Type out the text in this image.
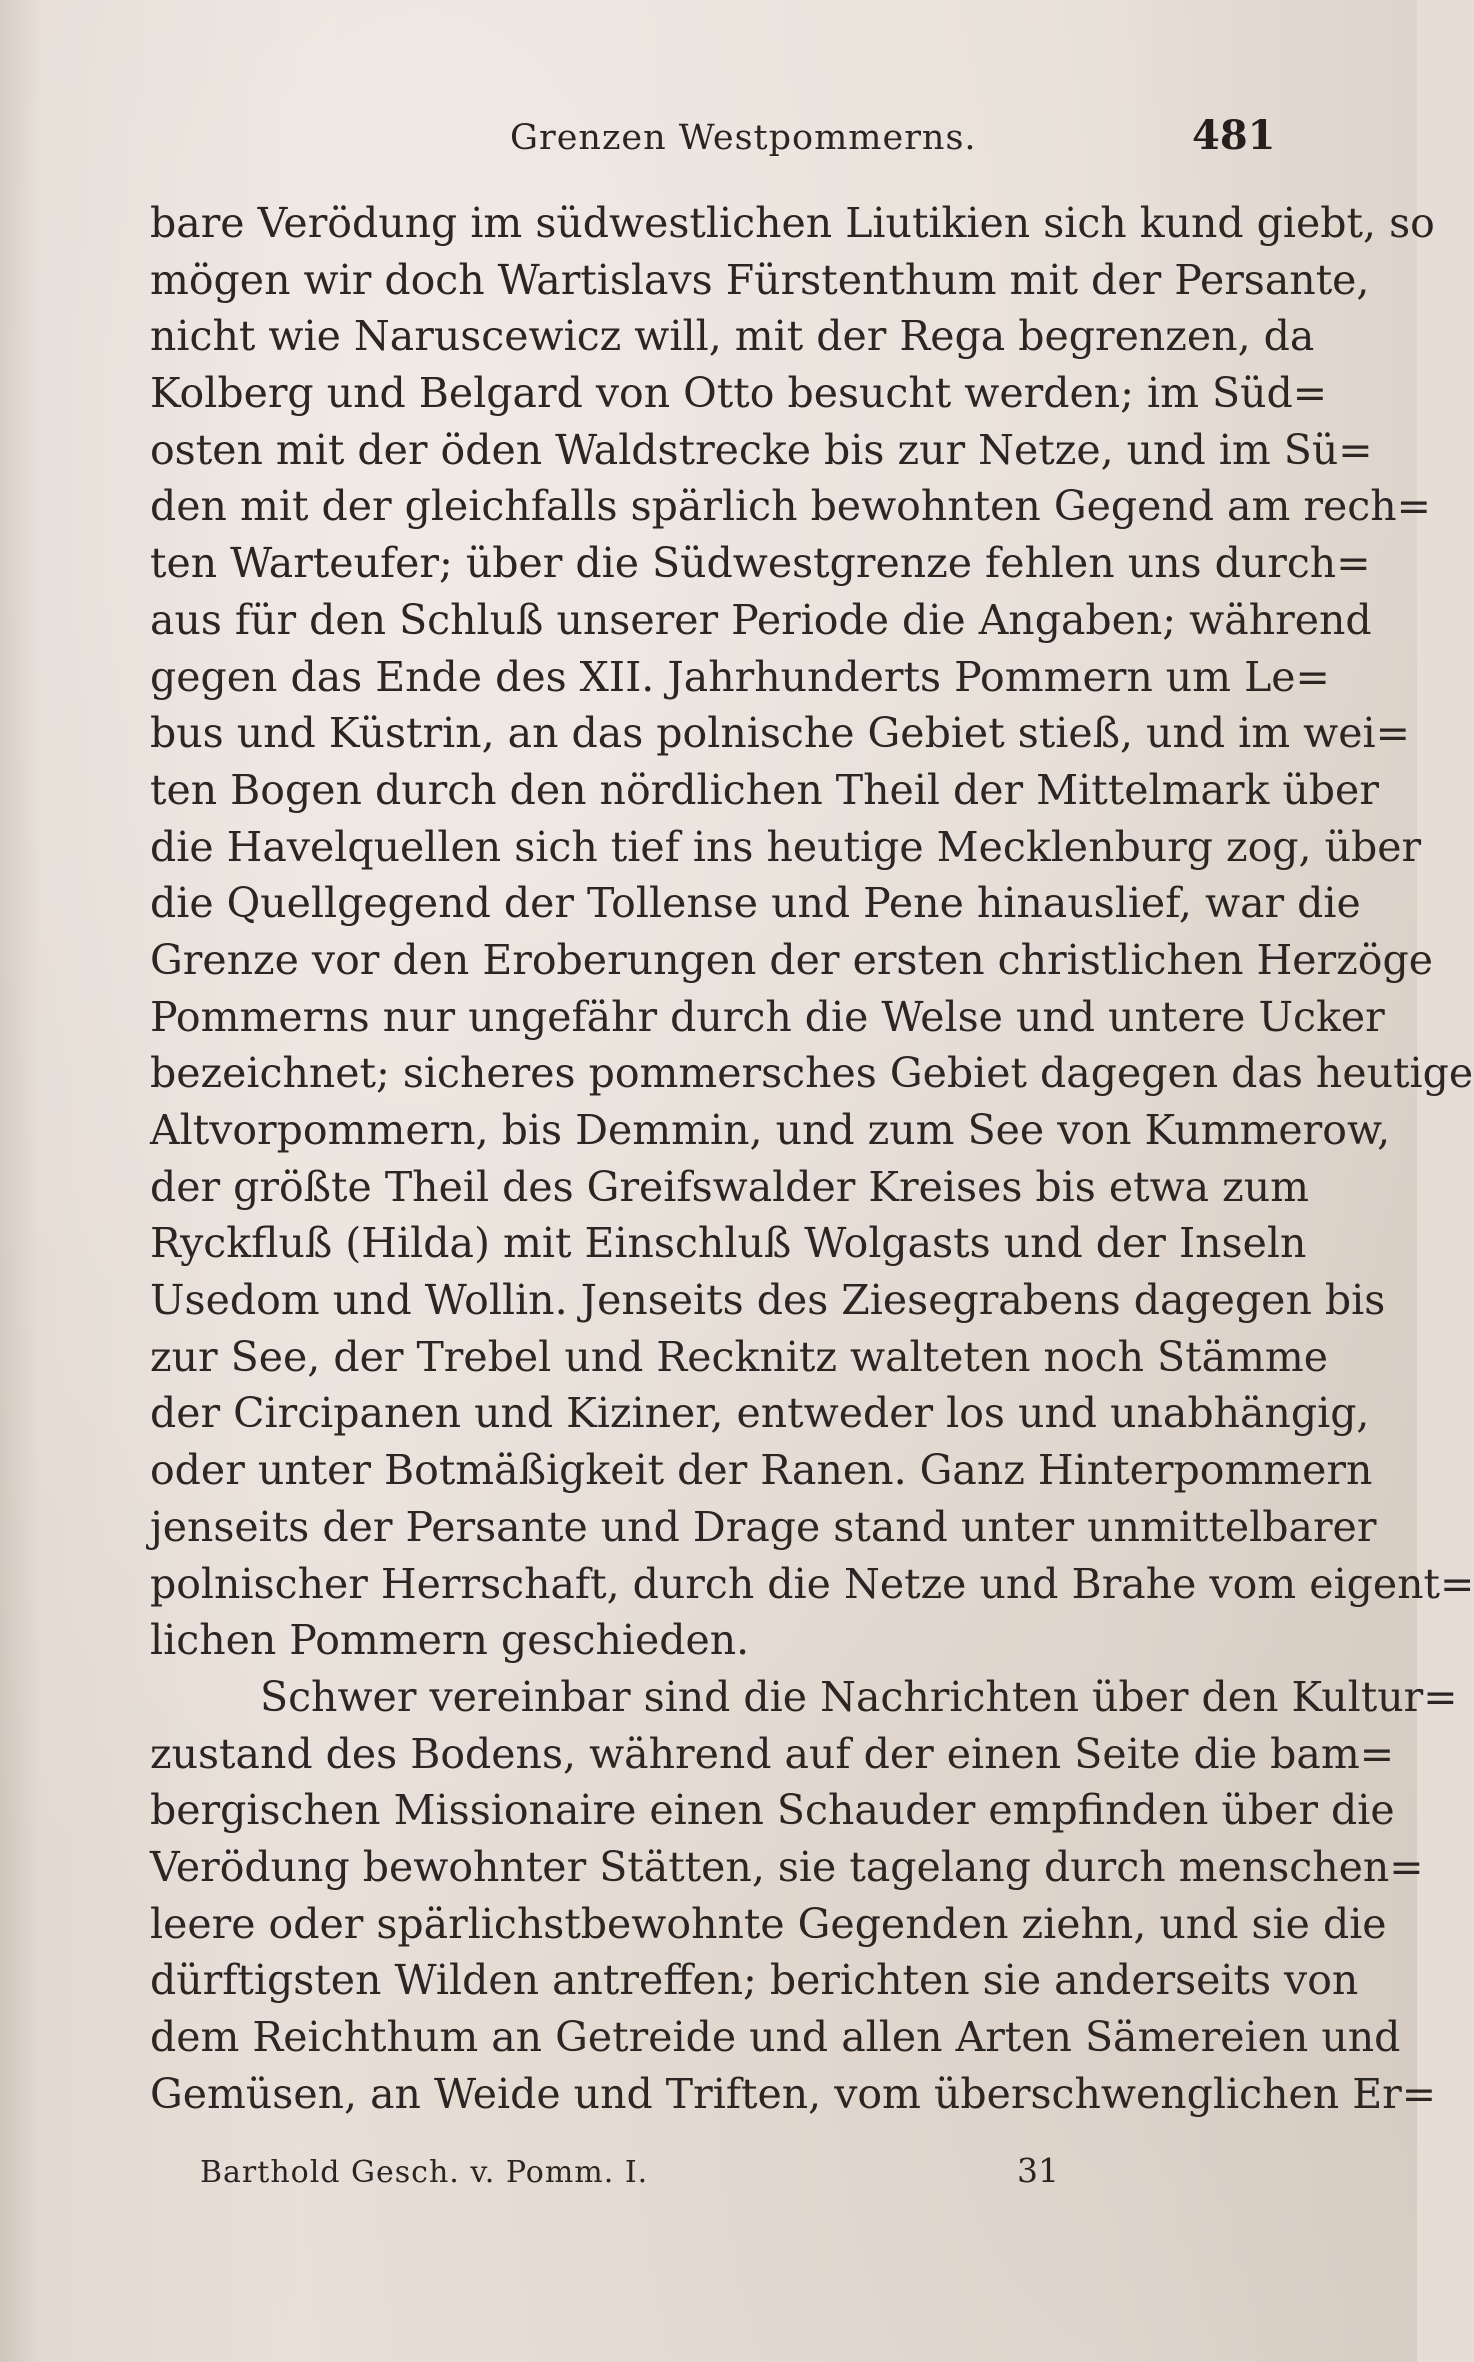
Grenzen Westpommerns.	481
bare Verödung im südwestlichen Liutikien sich kund giebt, so
mögen wir doch Wartislavs Fürstenthum mit der Persante,
nicht wie Naruscewicz will, mit der Rega begrenzen, da
Kolberg und Belgard von Otto besucht werden; im Süd=
osten mit der öden Waldstrecke bis zur Netze, und im Sü=
den mit der gleichfalls spärlich bewohnten Gegend am rech=
ten Warteufer; über die Südwestgrenze fehlen uns durch=
aus für den Schluß unserer Periode die Angaben; während
gegen das Ende des XII. Jahrhunderts Pommern um Le=
bus und Küstrin, an das polnische Gebiet stieß, und im wei=
ten Bogen durch den nördlichen Theil der Mittelmark über
die Havelquellen sich tief ins heutige Mecklenburg zog, über
die Quellgegend der Tollense und Pene hinauslief, war die
Grenze vor den Eroberungen der ersten christlichen Herzöge
Pommerns nur ungefähr durch die Welse und untere Ucker
bezeichnet; sicheres pommersches Gebiet dagegen das heutige
Altvorpommern, bis Demmin, und zum See von Kummerow,
der größte Theil des Greifswalder Kreises bis etwa zum
Ryckfluß (Hilda) mit Einschluß Wolgasts und der Inseln
Usedom und Wollin. Jenseits des Ziesegrabens dagegen bis
zur See, der Trebel und Recknitz walteten noch Stämme
der Circipanen und Kiziner, entweder los und unabhängig,
oder unter Botmäßigkeit der Ranen. Ganz Hinterpommern
jenseits der Persante und Drage stand unter unmittelbarer
polnischer Herrschaft, durch die Netze und Brahe vom eigent=
lichen Pommern geschieden.
Schwer vereinbar sind die Nachrichten über den Kultur=
zustand des Bodens, während auf der einen Seite die bam=
bergischen Missionaire einen Schauder empfinden über die
Verödung bewohnter Stätten, sie tagelang durch menschen=
leere oder spärlichstbewohnte Gegenden ziehn, und sie die
dürftigsten Wilden antreffen; berichten sie anderseits von
dem Reichthum an Getreide und allen Arten Sämereien und
Gemüsen, an Weide und Triften, vom überschwenglichen Er=
Barthold Gesch. v. Pomm. I.	31
